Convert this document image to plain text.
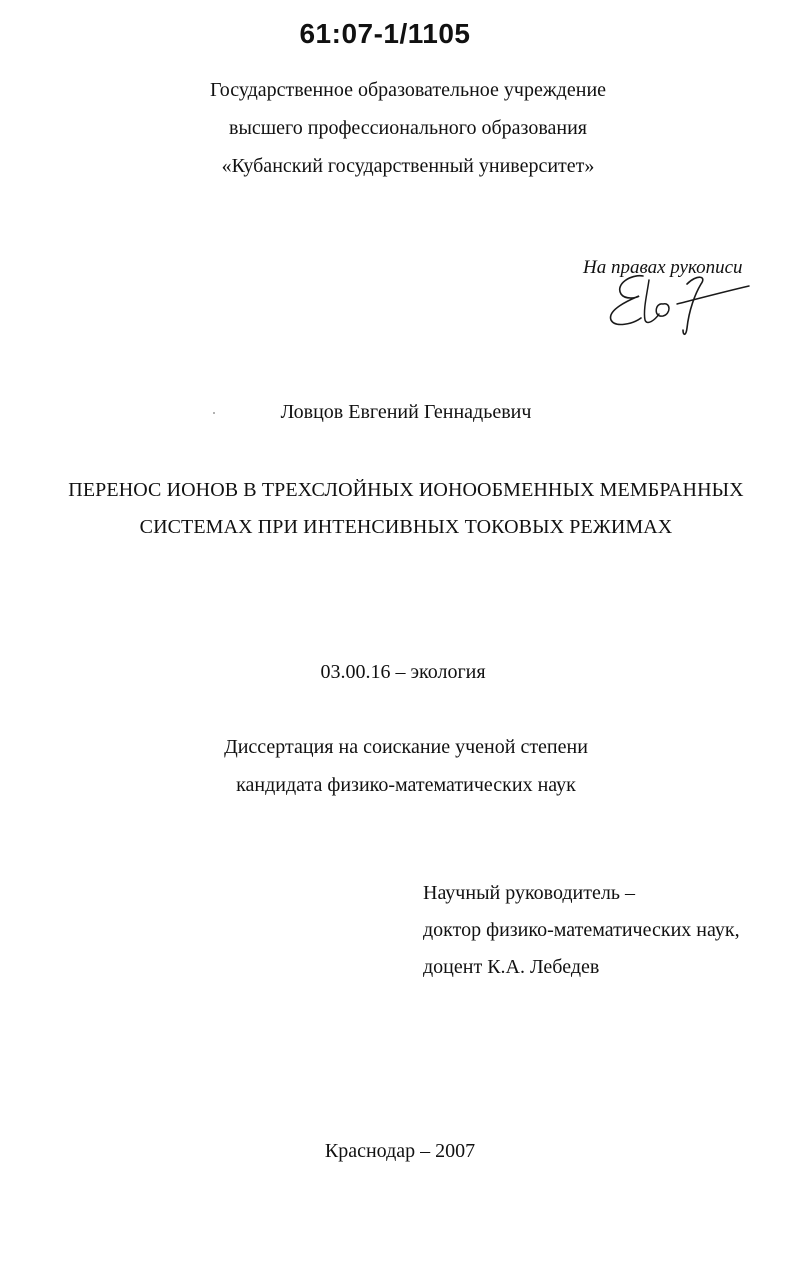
61:07-1/1105
Государственное образовательное учреждение
высшего профессионального образования
«Кубанский государственный университет»
На правах рукописи
Ловцов Евгений Геннадьевич
ПЕРЕНОС ИОНОВ В ТРЕХСЛОЙНЫХ ИОНООБМЕННЫХ МЕМБРАННЫХ
СИСТЕМАХ ПРИ ИНТЕНСИВНЫХ ТОКОВЫХ РЕЖИМАХ
03.00.16 – экология
Диссертация на соискание ученой степени
кандидата физико-математических наук
Научный руководитель –
доктор физико-математических наук,
доцент К.А. Лебедев
Краснодар – 2007
